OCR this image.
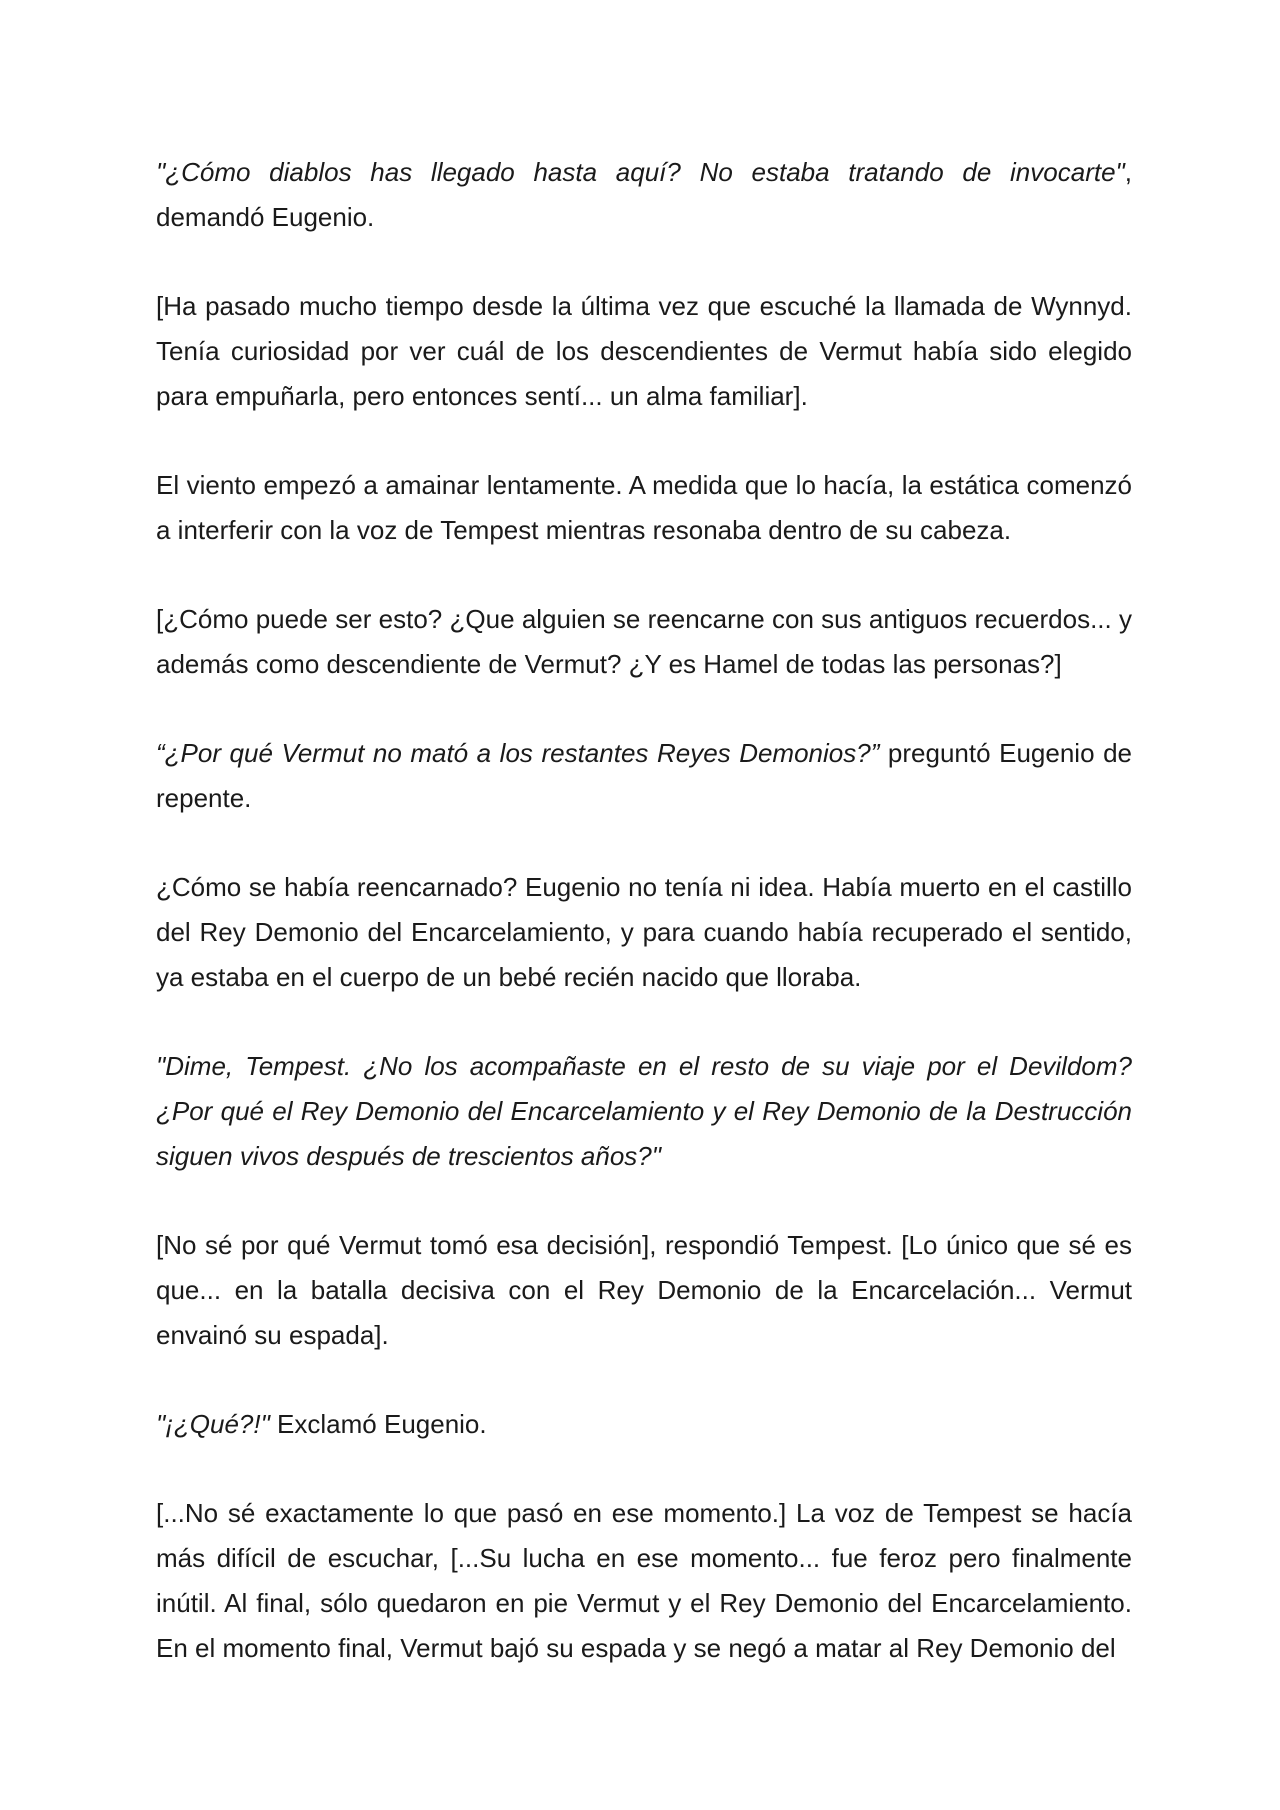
"¿Cómo diablos has llegado hasta aquí? No estaba tratando de invocarte", demandó Eugenio.

[Ha pasado mucho tiempo desde la última vez que escuché la llamada de Wynnyd. Tenía curiosidad por ver cuál de los descendientes de Vermut había sido elegido para empuñarla, pero entonces sentí... un alma familiar].

El viento empezó a amainar lentamente. A medida que lo hacía, la estática comenzó a interferir con la voz de Tempest mientras resonaba dentro de su cabeza.

[¿Cómo puede ser esto? ¿Que alguien se reencarne con sus antiguos recuerdos... y además como descendiente de Vermut? ¿Y es Hamel de todas las personas?]

“¿Por qué Vermut no mató a los restantes Reyes Demonios?” preguntó Eugenio de repente.

¿Cómo se había reencarnado? Eugenio no tenía ni idea. Había muerto en el castillo del Rey Demonio del Encarcelamiento, y para cuando había recuperado el sentido, ya estaba en el cuerpo de un bebé recién nacido que lloraba.

"Dime, Tempest. ¿No los acompañaste en el resto de su viaje por el Devildom? ¿Por qué el Rey Demonio del Encarcelamiento y el Rey Demonio de la Destrucción siguen vivos después de trescientos años?"

[No sé por qué Vermut tomó esa decisión], respondió Tempest. [Lo único que sé es que... en la batalla decisiva con el Rey Demonio de la Encarcelación... Vermut envainó su espada].

"¡¿Qué?!" Exclamó Eugenio.

[...No sé exactamente lo que pasó en ese momento.] La voz de Tempest se hacía más difícil de escuchar, [...Su lucha en ese momento... fue feroz pero finalmente inútil. Al final, sólo quedaron en pie Vermut y el Rey Demonio del Encarcelamiento. En el momento final, Vermut bajó su espada y se negó a matar al Rey Demonio del
